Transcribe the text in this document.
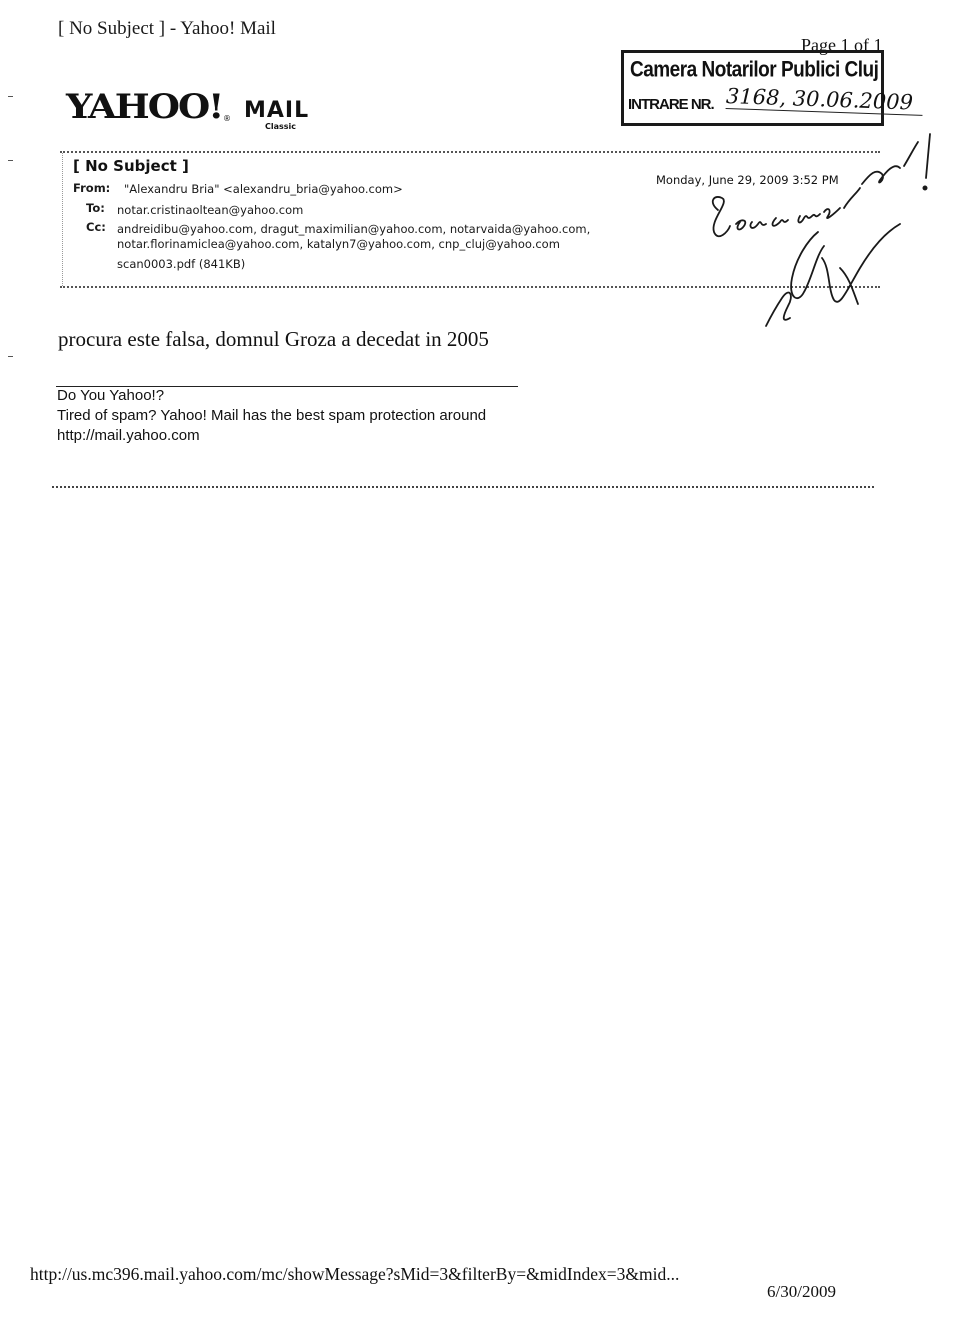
[ No Subject ] - Yahoo! Mail
Page 1 of 1
Camera Notarilor Publici Cluj
INTRARE NR. 3168, 30.06.2009
YAHOO! ® MAIL
Classic
[ No Subject ]
Monday, June 29, 2009 3:52 PM
From: "Alexandru Bria" <alexandru_bria@yahoo.com>
To: notar.cristinaoltean@yahoo.com
Cc: andreidibu@yahoo.com, dragut_maximilian@yahoo.com, notarvaida@yahoo.com,
notar.florinamiclea@yahoo.com, katalyn7@yahoo.com, cnp_cluj@yahoo.com
scan0003.pdf (841KB)
procura este falsa, domnul Groza a decedat in 2005
Do You Yahoo!?
Tired of spam? Yahoo! Mail has the best spam protection around
http://mail.yahoo.com
http://us.mc396.mail.yahoo.com/mc/showMessage?sMid=3&filterBy=&midIndex=3&mid...
6/30/2009
